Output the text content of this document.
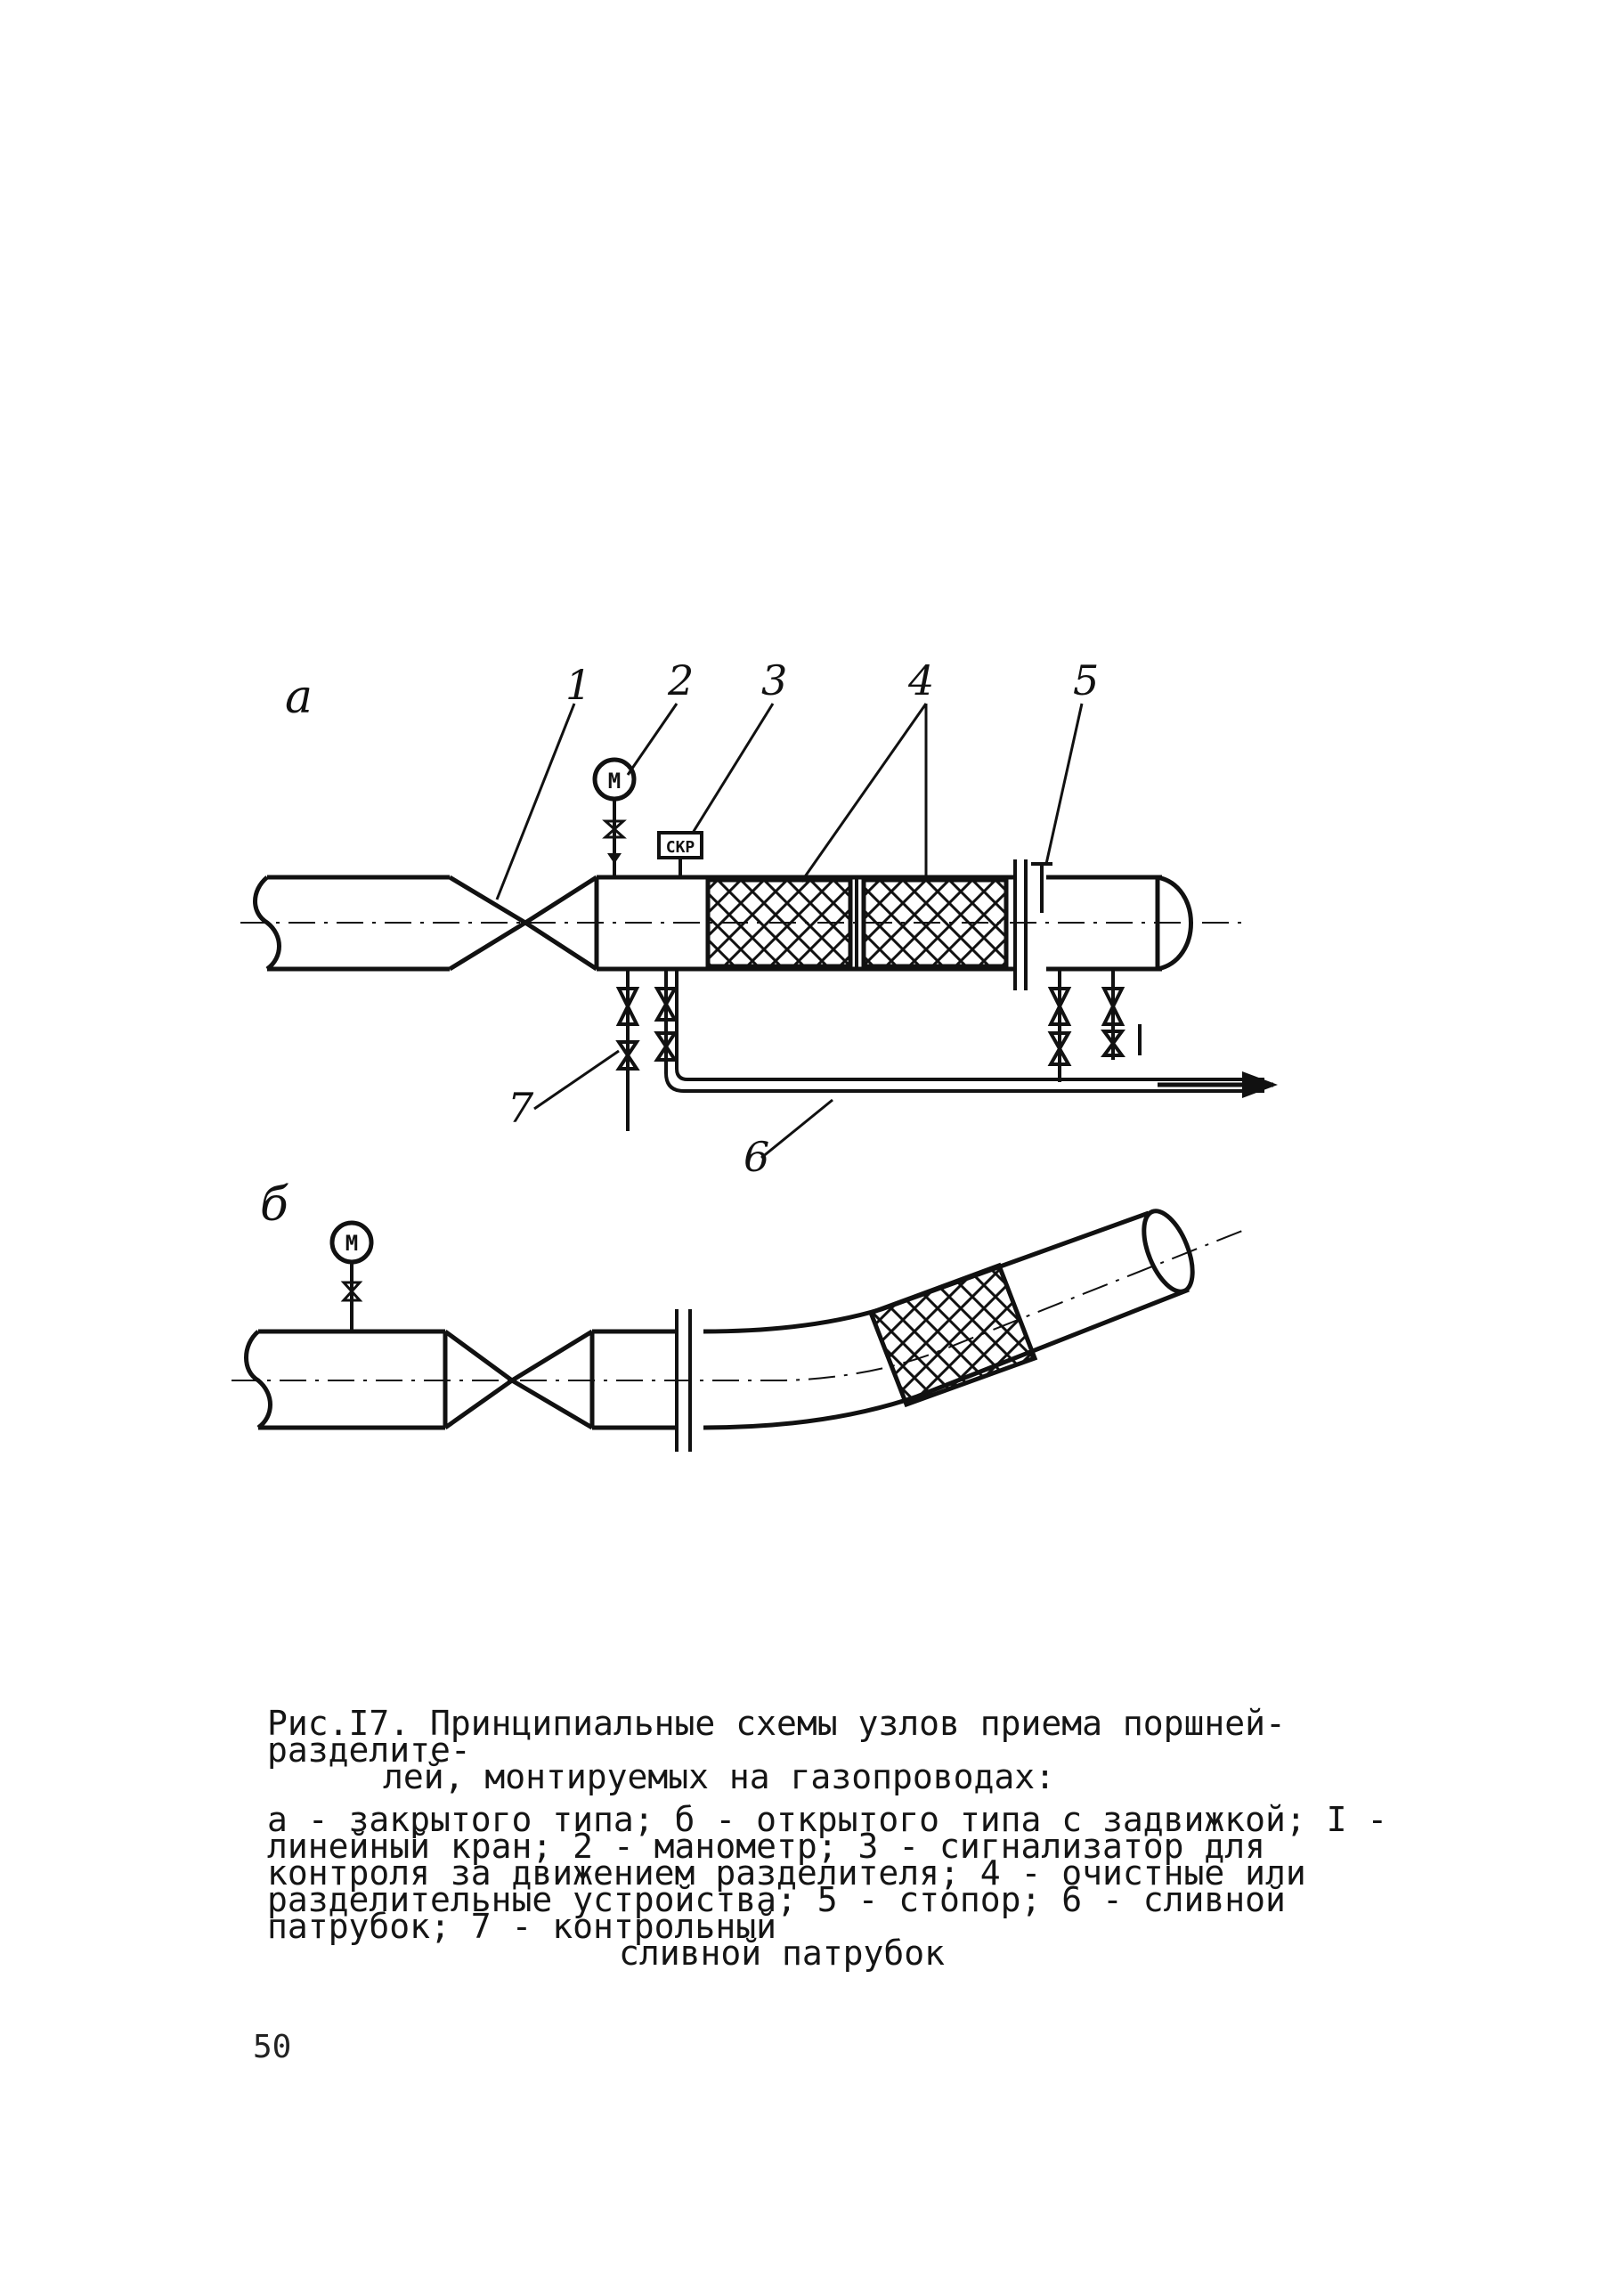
а
M
СКР
1 2 3	4	5
6
7
б
M
Рис.I7. Принципиальные схемы узлов приема поршней-разделите-
лей, монтируемых на газопроводах:
а - закрытого типа; б - открытого типа с задвижкой; I - линейный кран; 2 - манометр; 3 - сигнализатор для контроля за движением разделителя; 4 - очистные или разделительные устройства; 5 - стопор; 6 - сливной патрубок; 7 - контрольный
сливной патрубок
50
